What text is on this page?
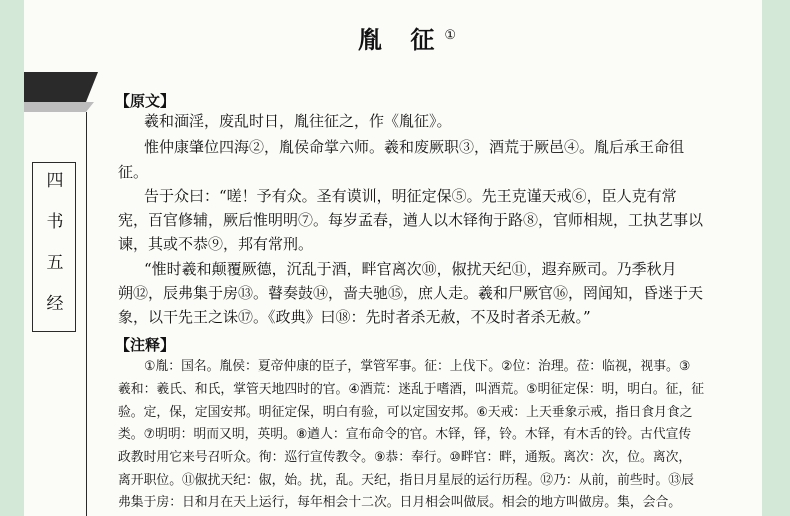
四
书
五
经
胤 征①
【原文】
羲和湎淫，废乱时日，胤往征之，作《胤征》。
惟仲康肇位四海②，胤侯命掌六师。羲和废厥职③，酒荒于厥邑④。胤后承王命徂
征。
告于众曰：“嗟！予有众。圣有谟训，明征定保⑤。先王克谨天戒⑥，臣人克有常
宪，百官修辅，厥后惟明明⑦。每岁孟春，遒人以木铎徇于路⑧，官师相规，工执艺事以
谏，其或不恭⑨，邦有常刑。
“惟时羲和颠覆厥德，沉乱于酒，畔官离次⑩，俶扰天纪⑪，遐弃厥司。乃季秋月
朔⑫，辰弗集于房⑬。瞽奏鼓⑭，啬夫驰⑮，庶人走。羲和尸厥官⑯，罔闻知，昏迷于天
象，以干先王之诛⑰。《政典》曰⑱：先时者杀无赦，不及时者杀无赦。”
【注释】
①胤：国名。胤侯：夏帝仲康的臣子，掌管军事。征：上伐下。②位：治理。莅：临视，视事。③
羲和：羲氏、和氏，掌管天地四时的官。④酒荒：迷乱于嗜酒，叫酒荒。⑤明征定保：明，明白。征，征
验。定，保，定国安邦。明征定保，明白有验，可以定国安邦。⑥天戒：上天垂象示戒，指日食月食之
类。⑦明明：明而又明，英明。⑧遒人：宣布命令的官。木铎，铎，铃。木铎，有木舌的铃。古代宣传
政教时用它来号召听众。徇：巡行宣传教令。⑨恭：奉行。⑩畔官：畔，通叛。离次：次，位。离次，
离开职位。⑪俶扰天纪：俶，始。扰，乱。天纪，指日月星辰的运行历程。⑫乃：从前，前些时。⑬辰
弗集于房：日和月在天上运行，每年相会十二次。日月相会叫做辰。相会的地方叫做房。集，会合。
